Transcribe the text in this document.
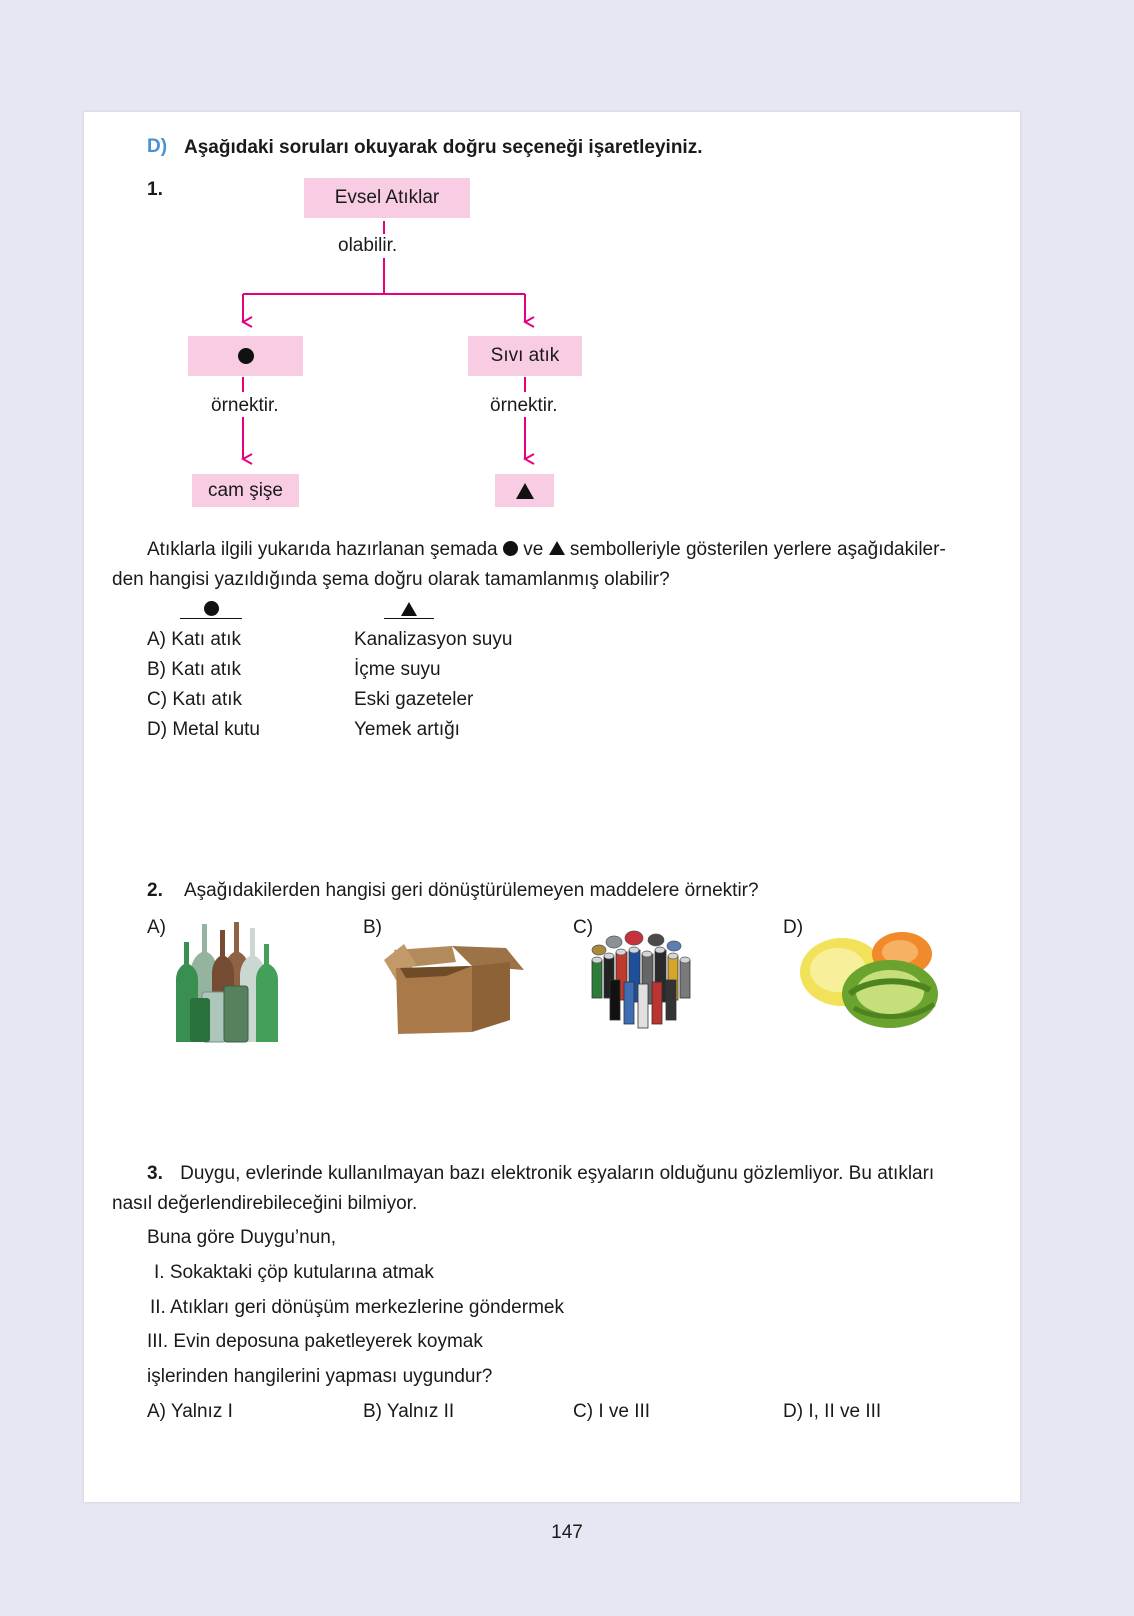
D) Aşağıdaki soruları okuyarak doğru seçeneği işaretleyiniz.
1.	Evsel Atıklar
olabilir.
Sıvı atık
örnektir.	örnektir.
cam şişe
Atıklarla ilgili yukarıda hazırlanan şemada ve sembolleriyle gösterilen yerlere aşağıdakiler-
den hangisi yazıldığında şema doğru olarak tamamlanmış olabilir?
A) Katı atık	Kanalizasyon suyu
B) Katı atık	İçme suyu
C) Katı atık	Eski gazeteler
D) Metal kutu	Yemek artığı
2. Aşağıdakilerden hangisi geri dönüştürülemeyen maddelere örnektir?
A)	B)	C)	D)
3. Duygu, evlerinde kullanılmayan bazı elektronik eşyaların olduğunu gözlemliyor. Bu atıkları
nasıl değerlendirebileceğini bilmiyor.
Buna göre Duygu’nun,
I. Sokaktaki çöp kutularına atmak
II. Atıkları geri dönüşüm merkezlerine göndermek
III. Evin deposuna paketleyerek koymak
işlerinden hangilerini yapması uygundur?
A) Yalnız I	B) Yalnız II	C) I ve III	D) I, II ve III
147
